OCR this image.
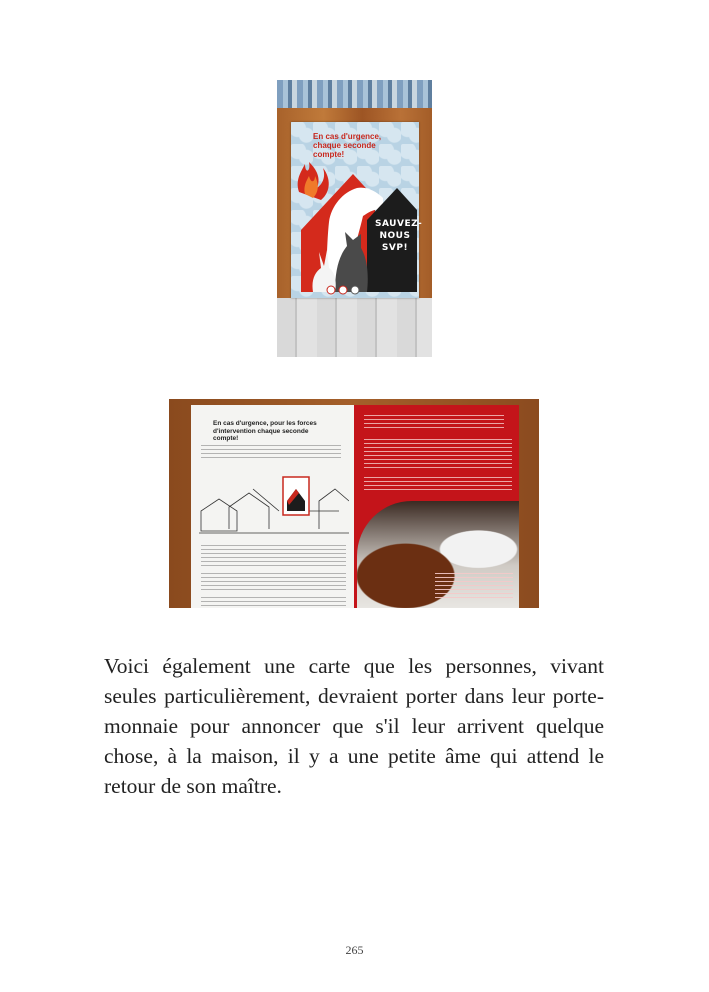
En cas d'urgence, chaque seconde compte!
SAUVEZ-NOUS SVP!
En cas d'urgence, pour les forces d'intervention chaque seconde compte!

Voici également une carte que les personnes, vivant seules particulièrement, devraient porter dans leur porte-monnaie pour annoncer que s'il leur arrivent quelque chose, à la maison, il y a une petite âme qui attend le retour de son maître.

265
